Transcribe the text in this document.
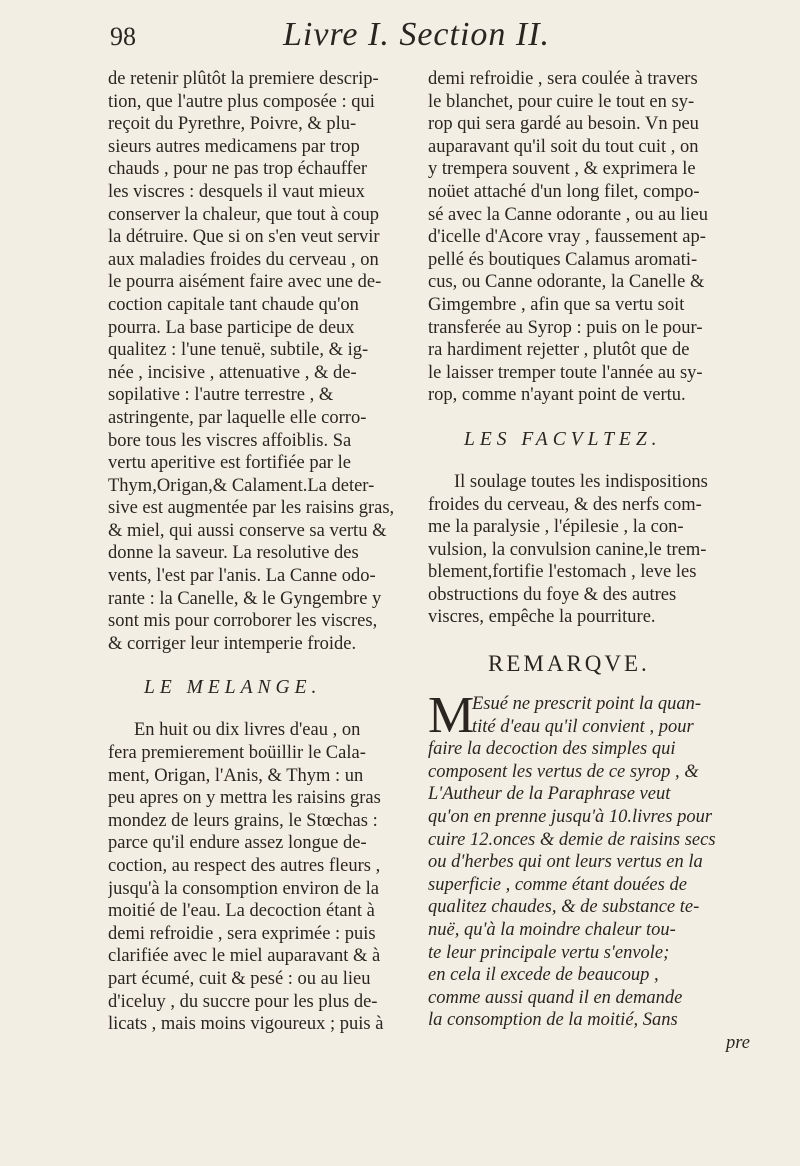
98	Livre I. Section II.
de retenir plûtôt la premiere descrip-
tion, que l'autre plus composée : qui
reçoit du Pyrethre, Poivre, & plu-
sieurs autres medicamens par trop
chauds , pour ne pas trop échauffer
les viscres : desquels il vaut mieux
conserver la chaleur, que tout à coup
la détruire. Que si on s'en veut servir
aux maladies froides du cerveau , on
le pourra aisément faire avec une de-
coction capitale tant chaude qu'on
pourra. La base participe de deux
qualitez : l'une tenuë, subtile, & ig-
née , incisive , attenuative , & de-
sopilative : l'autre terrestre , &
astringente, par laquelle elle corro-
bore tous les viscres affoiblis. Sa
vertu aperitive est fortifiée par le
Thym,Origan,& Calament.La deter-
sive est augmentée par les raisins gras,
& miel, qui aussi conserve sa vertu &
donne la saveur. La resolutive des
vents, l'est par l'anis. La Canne odo-
rante : la Canelle, & le Gyngembre y
sont mis pour corroborer les viscres,
& corriger leur intemperie froide.
LE MELANGE.
En huit ou dix livres d'eau , on
fera premierement boüillir le Cala-
ment, Origan, l'Anis, & Thym : un
peu apres on y mettra les raisins gras
mondez de leurs grains, le Stœchas :
parce qu'il endure assez longue de-
coction, au respect des autres fleurs ,
jusqu'à la consomption environ de la
moitié de l'eau. La decoction étant à
demi refroidie , sera exprimée : puis
clarifiée avec le miel auparavant & à
part écumé, cuit & pesé : ou au lieu
d'iceluy , du succre pour les plus de-
licats , mais moins vigoureux ; puis à
demi refroidie , sera coulée à travers
le blanchet, pour cuire le tout en sy-
rop qui sera gardé au besoin. Vn peu
auparavant qu'il soit du tout cuit , on
y trempera souvent , & exprimera le
noüet attaché d'un long filet, compo-
sé avec la Canne odorante , ou au lieu
d'icelle d'Acore vray , faussement ap-
pellé és boutiques Calamus aromati-
cus, ou Canne odorante, la Canelle &
Gimgembre , afin que sa vertu soit
transferée au Syrop : puis on le pour-
ra hardiment rejetter , plutôt que de
le laisser tremper toute l'année au sy-
rop, comme n'ayant point de vertu.
LES FACVLTEZ.
Il soulage toutes les indispositions
froides du cerveau, & des nerfs com-
me la paralysie , l'épilesie , la con-
vulsion, la convulsion canine,le trem-
blement,fortifie l'estomach , leve les
obstructions du foye & des autres
viscres, empêche la pourriture.
REMARQVE.
M
Esué ne prescrit point la quan-
tité d'eau qu'il convient , pour
faire la decoction des simples qui
composent les vertus de ce syrop , &
L'Autheur de la Paraphrase veut
qu'on en prenne jusqu'à 10.livres pour
cuire 12.onces & demie de raisins secs
ou d'herbes qui ont leurs vertus en la
superficie , comme étant douées de
qualitez chaudes, & de substance te-
nuë, qu'à la moindre chaleur tou-
te leur principale vertu s'envole;
en cela il excede de beaucoup ,
comme aussi quand il en demande
la consomption de la moitié, Sans
pre
